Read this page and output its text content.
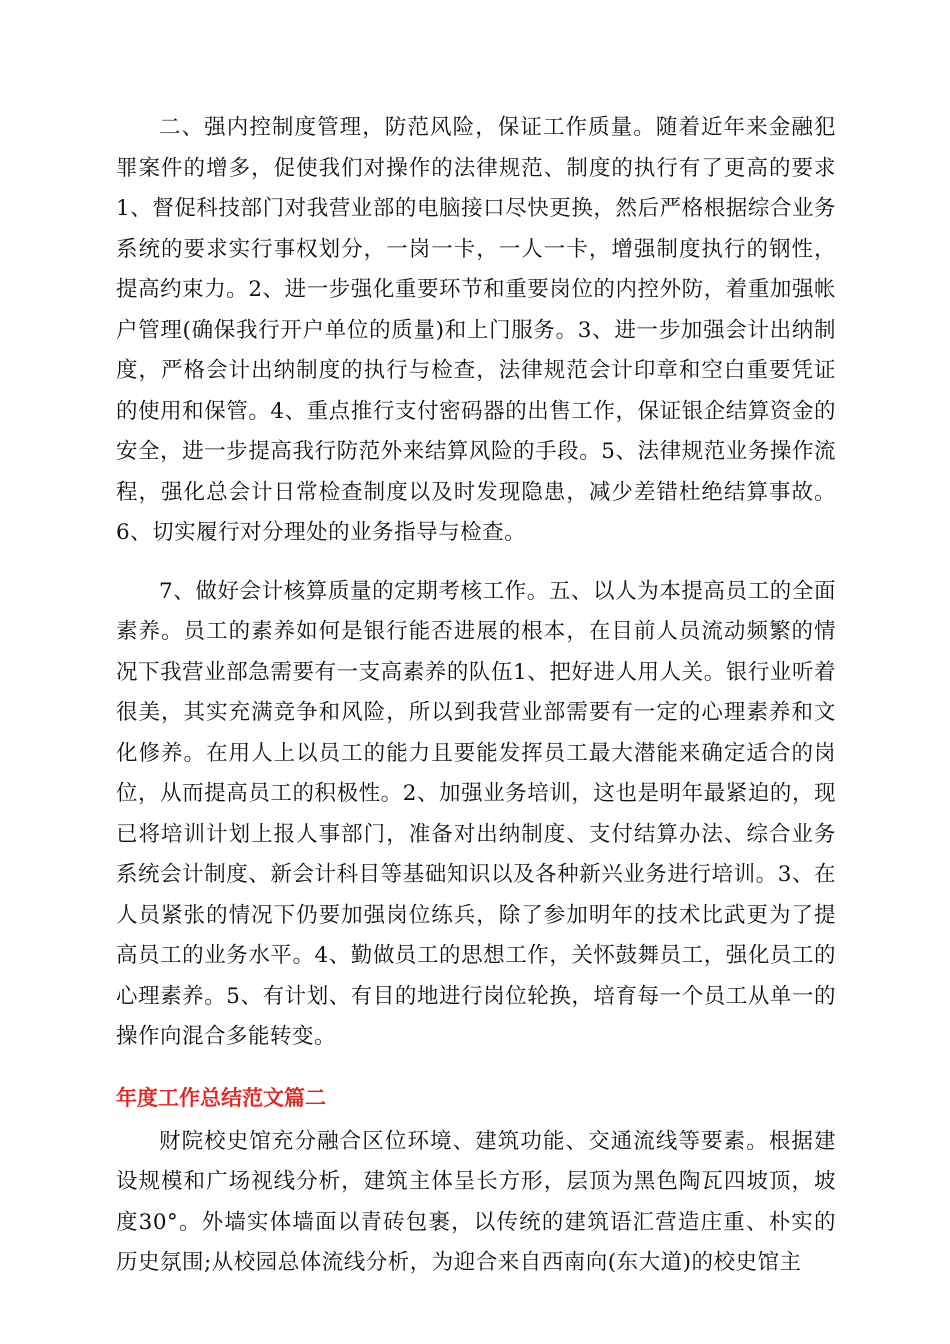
二、强内控制度管理，防范风险，保证工作质量。随着近年来金融犯罪案件的增多，促使我们对操作的法律规范、制度的执行有了更高的要求1、督促科技部门对我营业部的电脑接口尽快更换，然后严格根据综合业务系统的要求实行事权划分，一岗一卡，一人一卡，增强制度执行的钢性，提高约束力。2、进一步强化重要环节和重要岗位的内控外防，着重加强帐户管理(确保我行开户单位的质量)和上门服务。3、进一步加强会计出纳制度，严格会计出纳制度的执行与检查，法律规范会计印章和空白重要凭证的使用和保管。4、重点推行支付密码器的出售工作，保证银企结算资金的安全，进一步提高我行防范外来结算风险的手段。5、法律规范业务操作流程，强化总会计日常检查制度以及时发现隐患，减少差错杜绝结算事故。6、切实履行对分理处的业务指导与检查。

7、做好会计核算质量的定期考核工作。五、以人为本提高员工的全面素养。员工的素养如何是银行能否进展的根本，在目前人员流动频繁的情况下我营业部急需要有一支高素养的队伍1、把好进人用人关。银行业听着很美，其实充满竞争和风险，所以到我营业部需要有一定的心理素养和文化修养。在用人上以员工的能力且要能发挥员工最大潜能来确定适合的岗位，从而提高员工的积极性。2、加强业务培训，这也是明年最紧迫的，现已将培训计划上报人事部门，准备对出纳制度、支付结算办法、综合业务系统会计制度、新会计科目等基础知识以及各种新兴业务进行培训。3、在人员紧张的情况下仍要加强岗位练兵，除了参加明年的技术比武更为了提高员工的业务水平。4、勤做员工的思想工作，关怀鼓舞员工，强化员工的心理素养。5、有计划、有目的地进行岗位轮换，培育每一个员工从单一的操作向混合多能转变。

年度工作总结范文篇二

财院校史馆充分融合区位环境、建筑功能、交通流线等要素。根据建设规模和广场视线分析，建筑主体呈长方形，层顶为黑色陶瓦四坡顶，坡度30°。外墙实体墙面以青砖包裹，以传统的建筑语汇营造庄重、朴实的历史氛围;从校园总体流线分析，为迎合来自西南向(东大道)的校史馆主
